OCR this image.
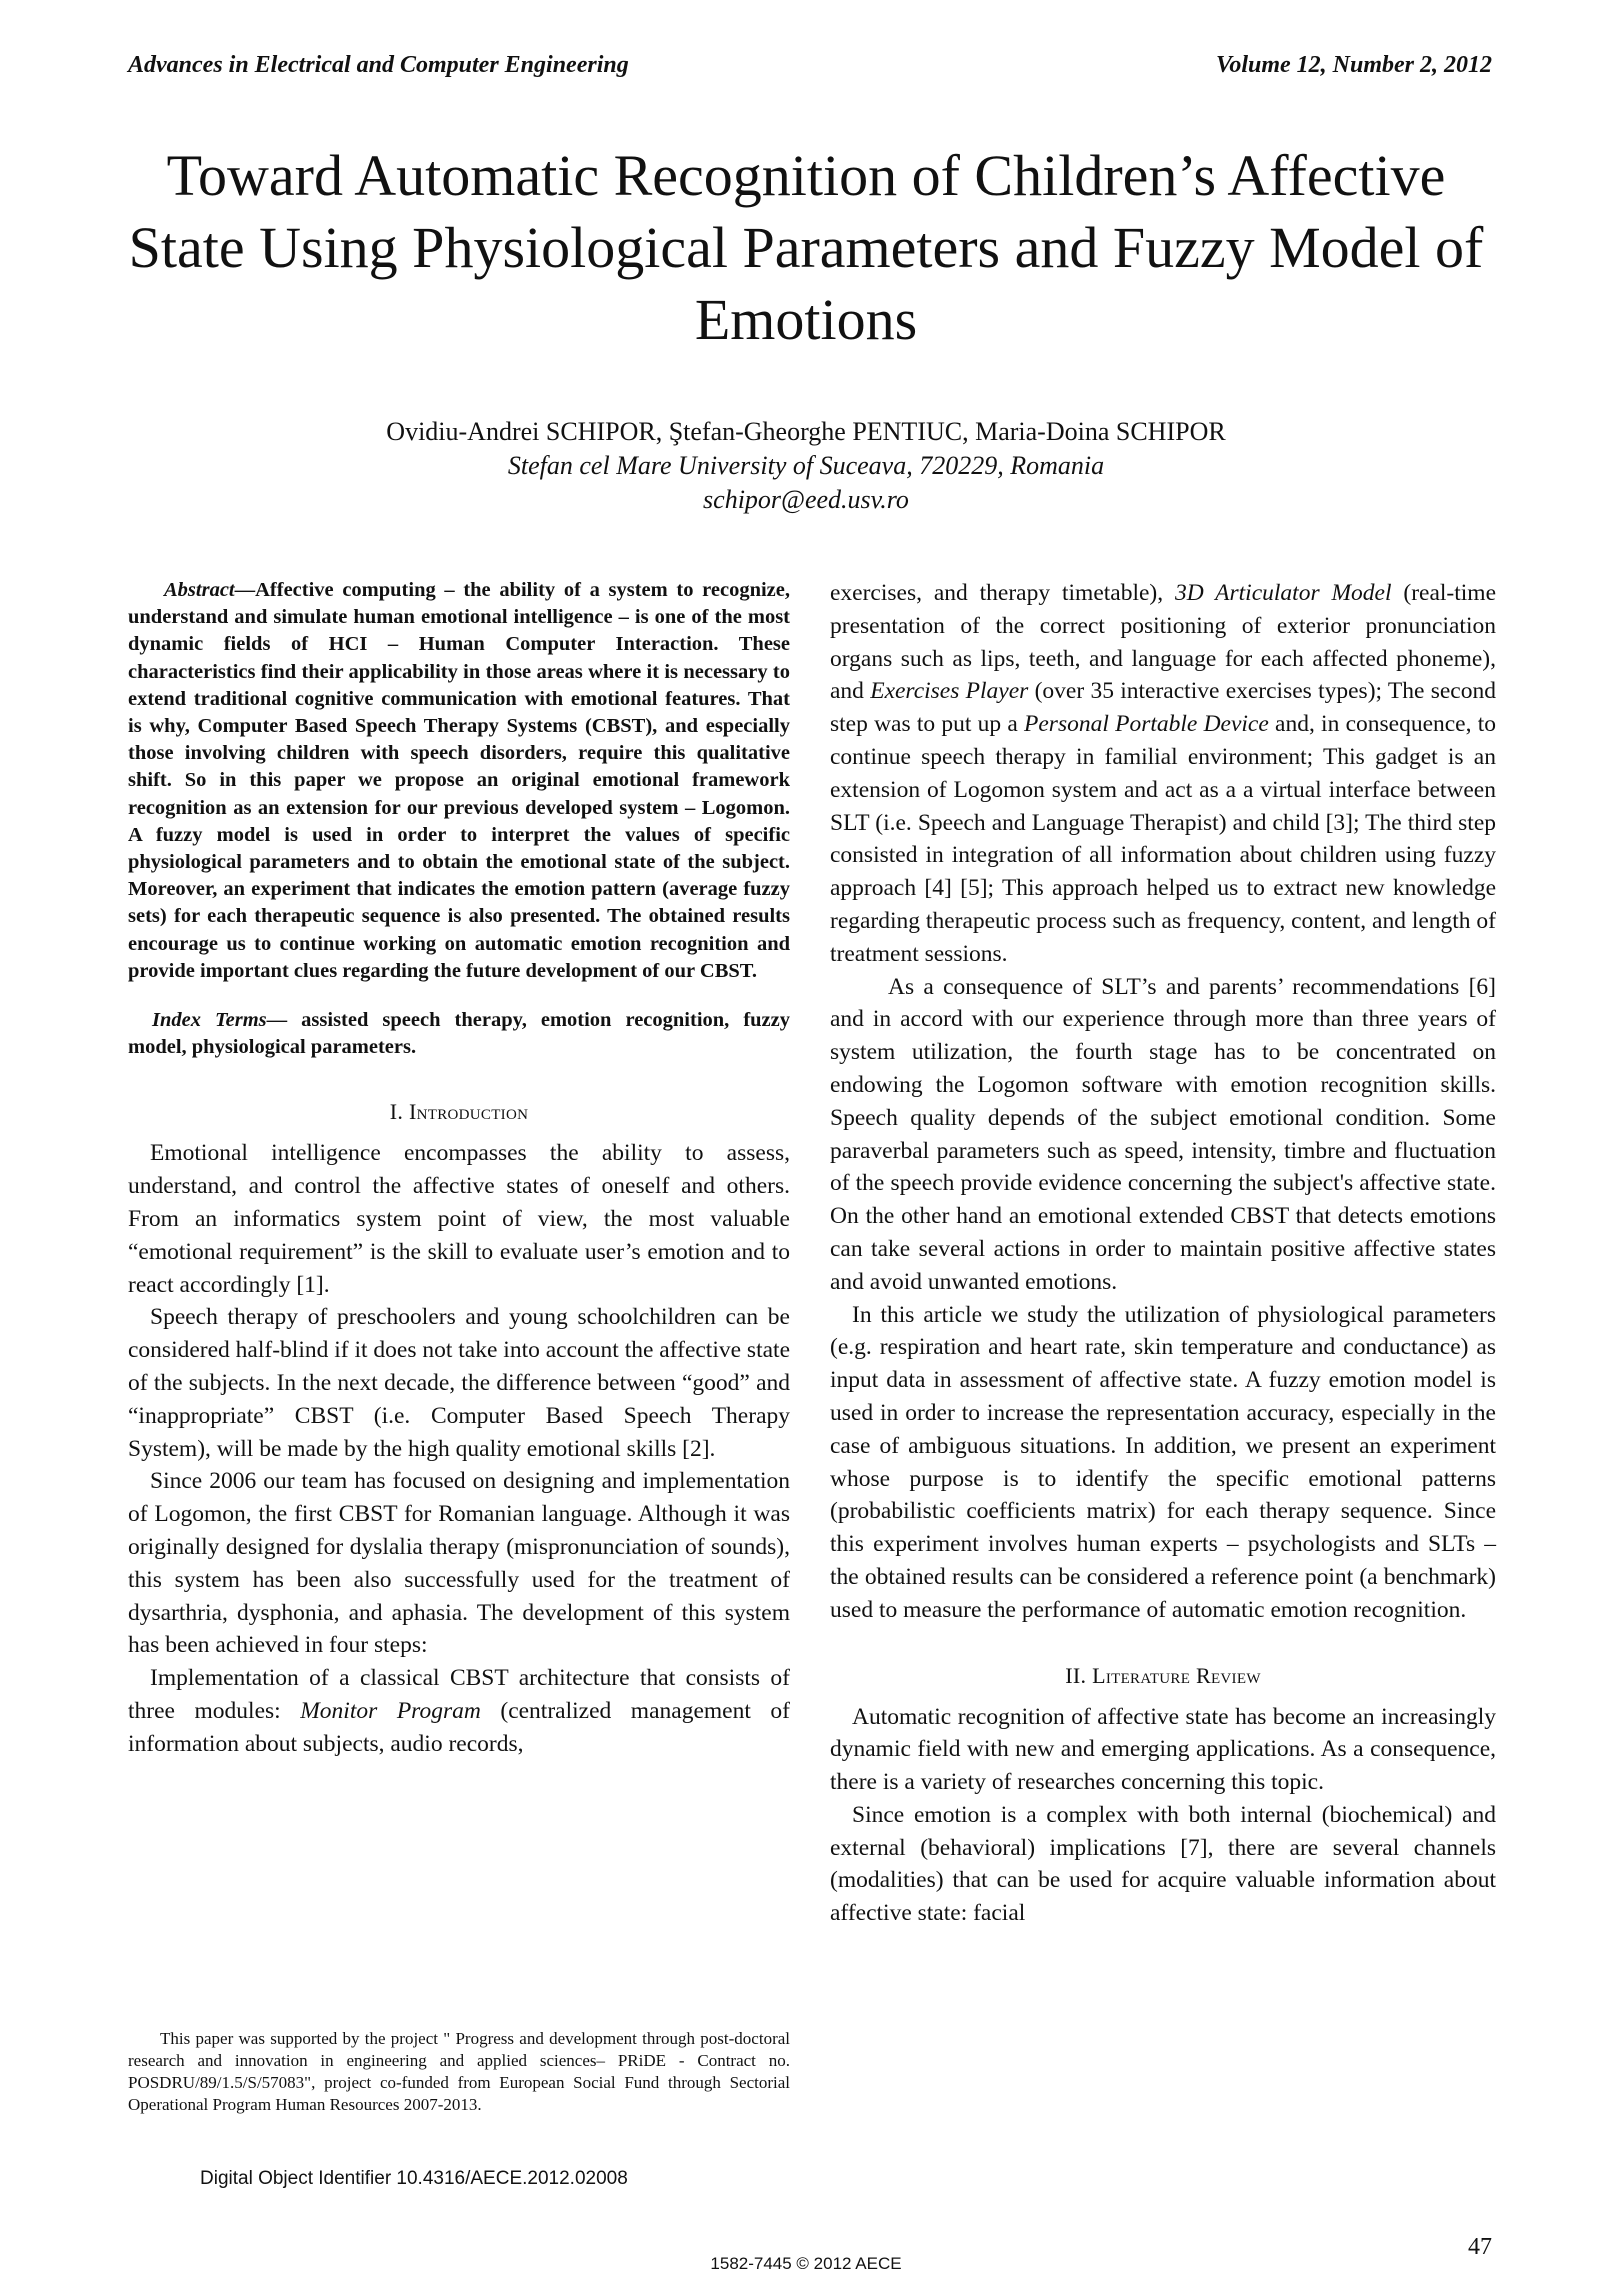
Advances in Electrical and Computer Engineering	Volume 12, Number 2, 2012
Toward Automatic Recognition of Children’s Affective State Using Physiological Parameters and Fuzzy Model of Emotions
Ovidiu-Andrei SCHIPOR, Ştefan-Gheorghe PENTIUC, Maria-Doina SCHIPOR
Stefan cel Mare University of Suceava, 720229, Romania
schipor@eed.usv.ro

Abstract—Affective computing – the ability of a system to recognize, understand and simulate human emotional intelligence – is one of the most dynamic fields of HCI – Human Computer Interaction. These characteristics find their applicability in those areas where it is necessary to extend traditional cognitive communication with emotional features. That is why, Computer Based Speech Therapy Systems (CBST), and especially those involving children with speech disorders, require this qualitative shift. So in this paper we propose an original emotional framework recognition as an extension for our previous developed system – Logomon. A fuzzy model is used in order to interpret the values of specific physiological parameters and to obtain the emotional state of the subject. Moreover, an experiment that indicates the emotion pattern (average fuzzy sets) for each therapeutic sequence is also presented. The obtained results encourage us to continue working on automatic emotion recognition and provide important clues regarding the future development of our CBST.

Index Terms— assisted speech therapy, emotion recognition, fuzzy model, physiological parameters.

I. Introduction

Emotional intelligence encompasses the ability to assess, understand, and control the affective states of oneself and others. From an informatics system point of view, the most valuable “emotional requirement” is the skill to evaluate user’s emotion and to react accordingly [1].

Speech therapy of preschoolers and young schoolchildren can be considered half-blind if it does not take into account the affective state of the subjects. In the next decade, the difference between “good” and “inappropriate” CBST (i.e. Computer Based Speech Therapy System), will be made by the high quality emotional skills [2].

Since 2006 our team has focused on designing and implementation of Logomon, the first CBST for Romanian language. Although it was originally designed for dyslalia therapy (mispronunciation of sounds), this system has been also successfully used for the treatment of dysarthria, dysphonia, and aphasia. The development of this system has been achieved in four steps:

Implementation of a classical CBST architecture that consists of three modules: Monitor Program (centralized management of information about subjects, audio records,

exercises, and therapy timetable), 3D Articulator Model (real-time presentation of the correct positioning of exterior pronunciation organs such as lips, teeth, and language for each affected phoneme), and Exercises Player (over 35 interactive exercises types); The second step was to put up a Personal Portable Device and, in consequence, to continue speech therapy in familial environment; This gadget is an extension of Logomon system and act as a a virtual interface between SLT (i.e. Speech and Language Therapist) and child [3]; The third step consisted in integration of all information about children using fuzzy approach [4] [5]; This approach helped us to extract new knowledge regarding therapeutic process such as frequency, content, and length of treatment sessions.

As a consequence of SLT’s and parents’ recommendations [6] and in accord with our experience through more than three years of system utilization, the fourth stage has to be concentrated on endowing the Logomon software with emotion recognition skills. Speech quality depends of the subject emotional condition. Some paraverbal parameters such as speed, intensity, timbre and fluctuation of the speech provide evidence concerning the subject's affective state. On the other hand an emotional extended CBST that detects emotions can take several actions in order to maintain positive affective states and avoid unwanted emotions.

In this article we study the utilization of physiological parameters (e.g. respiration and heart rate, skin temperature and conductance) as input data in assessment of affective state. A fuzzy emotion model is used in order to increase the representation accuracy, especially in the case of ambiguous situations. In addition, we present an experiment whose purpose is to identify the specific emotional patterns (probabilistic coefficients matrix) for each therapy sequence. Since this experiment involves human experts – psychologists and SLTs – the obtained results can be considered a reference point (a benchmark) used to measure the performance of automatic emotion recognition.

II. Literature Review

Automatic recognition of affective state has become an increasingly dynamic field with new and emerging applications. As a consequence, there is a variety of researches concerning this topic.

Since emotion is a complex with both internal (biochemical) and external (behavioral) implications [7], there are several channels (modalities) that can be used for acquire valuable information about affective state: facial

This paper was supported by the project " Progress and development through post-doctoral research and innovation in engineering and applied sciences– PRiDE - Contract no. POSDRU/89/1.5/S/57083", project co-funded from European Social Fund through Sectorial Operational Program Human Resources 2007-2013.

Digital Object Identifier 10.4316/AECE.2012.02008
47
1582-7445 © 2012 AECE
